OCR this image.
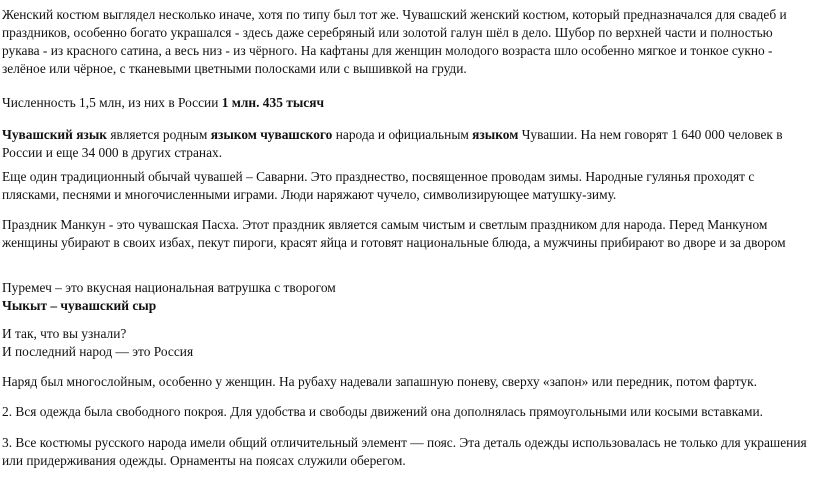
Женский костюм выглядел несколько иначе, хотя по типу был тот же. Чувашский женский костюм, который предназначался для свадеб и
праздников, особенно богато украшался - здесь даже серебряный или золотой галун шёл в дело. Шубор по верхней части и полностью
рукава - из красного сатина, а весь низ - из чёрного. На кафтаны для женщин молодого возраста шло особенно мягкое и тонкое сукно -
зелёное или чёрное, с тканевыми цветными полосками или с вышивкой на груди.
Численность 1,5 млн, из них в России 1 млн. 435 тысяч
Чувашский язык является родным языком чувашского народа и официальным языком Чувашии. На нем говорят 1 640 000 человек в
России и еще 34 000 в других странах.
Еще один традиционный обычай чувашей – Саварни. Это празднество, посвященное проводам зимы. Народные гулянья проходят с
плясками, песнями и многочисленными играми. Люди наряжают чучело, символизирующее матушку-зиму.
Праздник Манкун - это чувашская Пасха. Этот праздник является самым чистым и светлым праздником для народа. Перед Манкуном
женщины убирают в своих избах, пекут пироги, красят яйца и готовят национальные блюда, а мужчины прибирают во дворе и за двором
Пуремеч – это вкусная национальная ватрушка с творогом
Чыкыт – чувашский сыр
И так, что вы узнали?
И последний народ — это Россия
Наряд был многослойным, особенно у женщин. На рубаху надевали запашную поневу, сверху «запон» или передник, потом фартук.
2. Вся одежда была свободного покроя. Для удобства и свободы движений она дополнялась прямоугольными или косыми вставками.
3. Все костюмы русского народа имели общий отличительный элемент — пояс. Эта деталь одежды использовалась не только для украшения
или придерживания одежды. Орнаменты на поясах служили оберегом.
